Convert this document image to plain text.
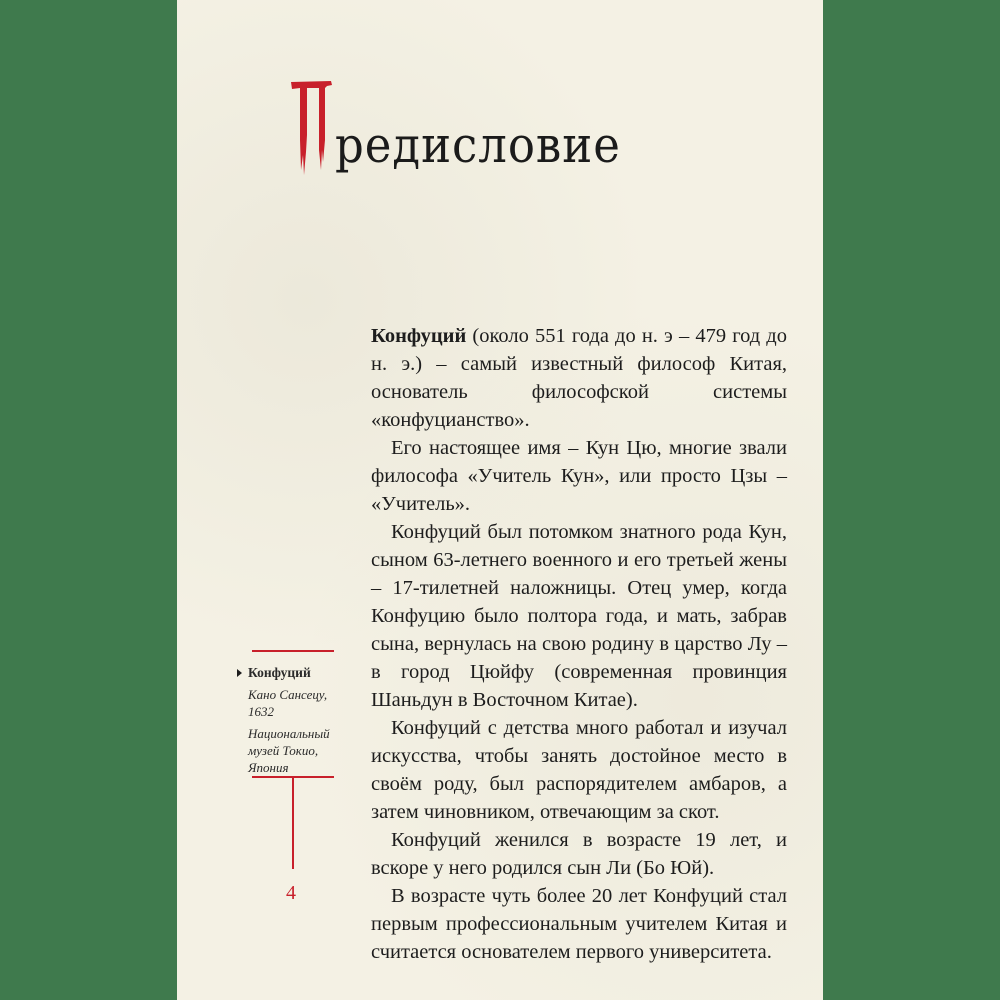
редисловие

Конфуций (около 551 года до н. э – 479 год до н. э.) – самый известный философ Китая, основатель философской системы «конфуцианство».

Его настоящее имя – Кун Цю, многие звали философа «Учитель Кун», или просто Цзы – «Учитель».

Конфуций был потомком знатного рода Кун, сыном 63-летнего военного и его третьей жены – 17-тилетней наложницы. Отец умер, когда Конфуцию было полтора года, и мать, забрав сына, вернулась на свою родину в царство Лу – в город Цюйфу (современная провинция Шаньдун в Восточном Китае).

Конфуций с детства много работал и изучал искусства, чтобы занять достойное место в своём роду, был распорядителем амбаров, а затем чиновником, отвечающим за скот.

Конфуций женился в возрасте 19 лет, и вскоре у него родился сын Ли (Бо Юй).

В возрасте чуть более 20 лет Конфуций стал первым профессиональным учителем Китая и считается основателем первого университета.

Конфуций
Кано Сансецу,
1632
Национальный
музей Токио,
Япония
4
